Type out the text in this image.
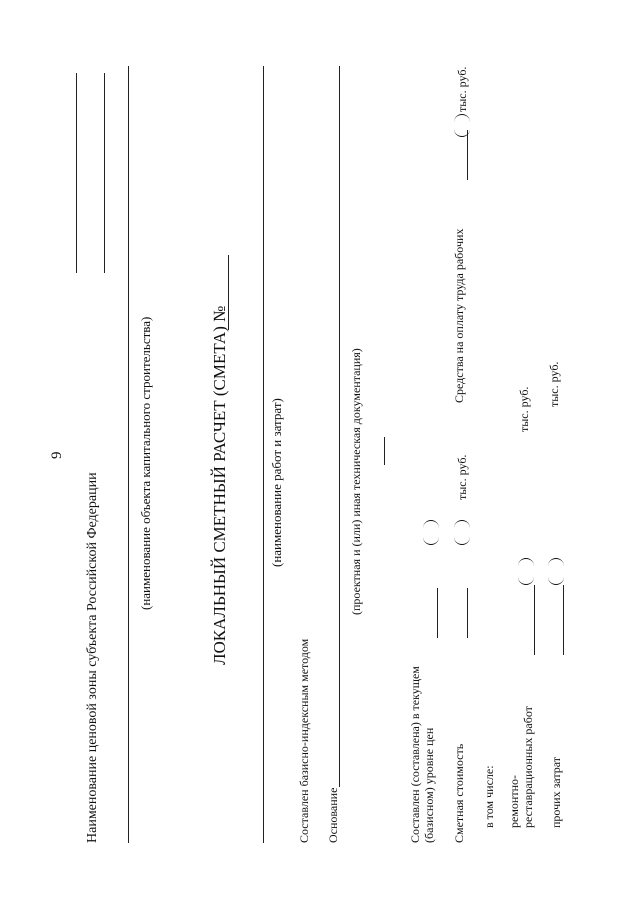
9
Наименование ценовой зоны субъекта Российской Федерации
(наименование объекта капитального строительства)	ЛОКАЛЬНЫЙ СМЕТНЫЙ РАСЧЕТ (СМЕТА) №	(наименование работ и затрат)
Составлен базисно-индексным методом Основание
(проектная и (или) иная техническая документация)
Составлен (составлена) в текущем (базисном) уровне цен Сметная стоимость
тыс. руб.
Средства на оплату труда рабочих
тыс. руб.
в том числе: ремонтно- реставрационных работ
тыс. руб.
прочих затрат
тыс. руб.
